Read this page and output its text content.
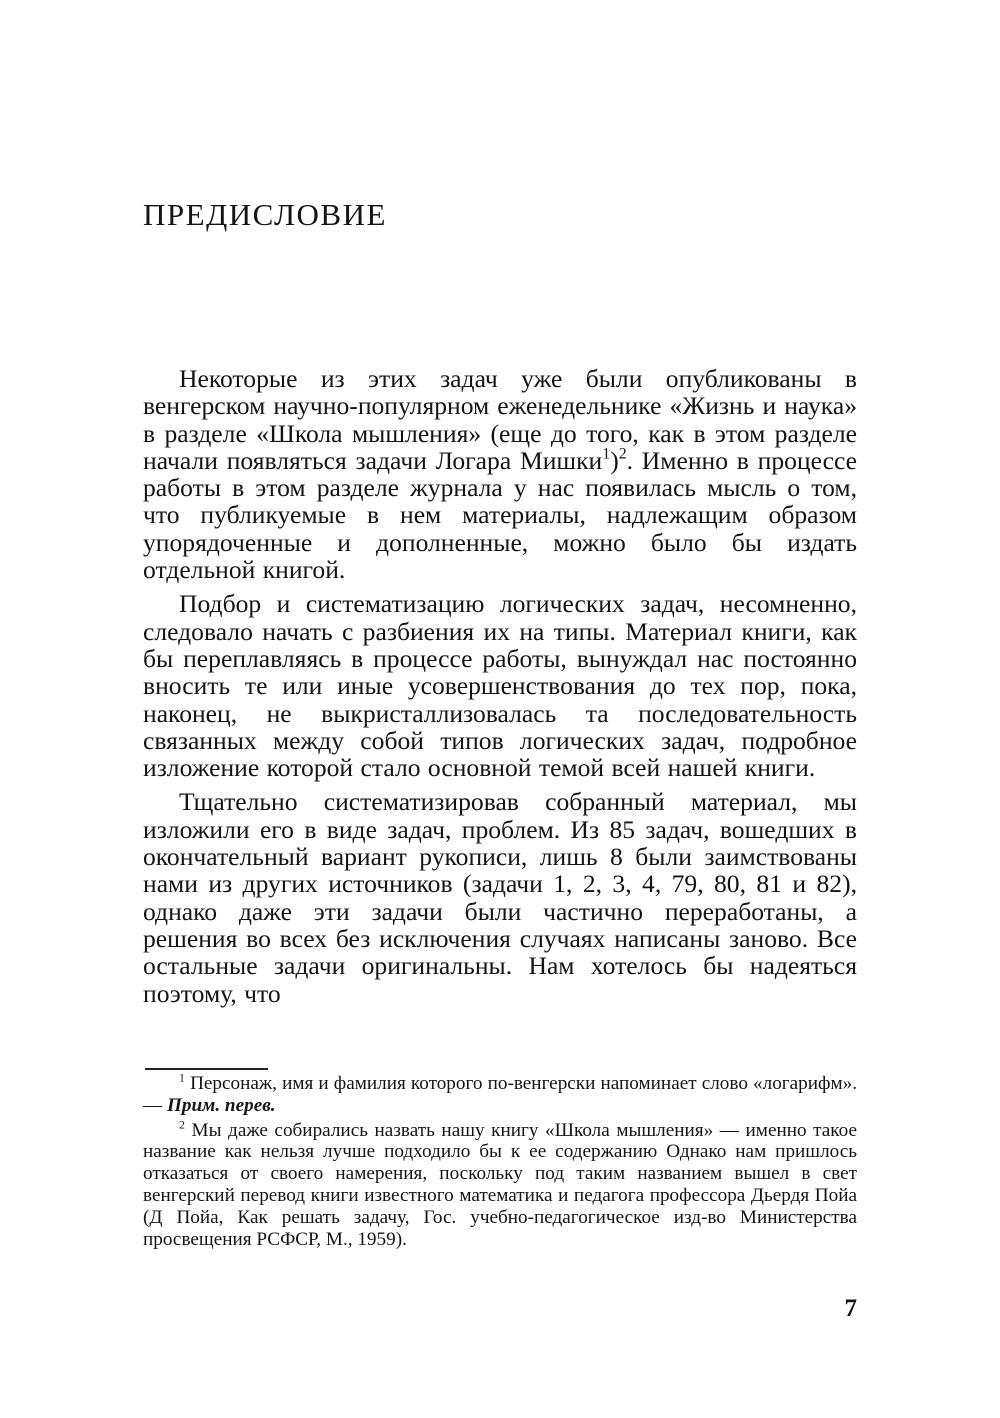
ПРЕДИСЛОВИЕ

Некоторые из этих задач уже были опубликованы в венгерском научно-популярном еженедельнике «Жизнь и наука» в разделе «Школа мышления» (еще до того, как в этом разделе начали появляться задачи Логара Мишки$^1$)$^2$. Именно в процессе работы в этом разделе журнала у нас появилась мысль о том, что публикуемые в нем материалы, надлежащим образом упорядоченные и дополненные, можно было бы издать отдельной книгой.

Подбор и систематизацию логических задач, несомненно, следовало начать с разбиения их на типы. Материал книги, как бы переплавляясь в процессе работы, вынуждал нас постоянно вносить те или иные усовершенствования до тех пор, пока, наконец, не выкристаллизовалась та последовательность связанных между собой типов логических задач, подробное изложение которой стало основной темой всей нашей книги.

Тщательно систематизировав собранный материал, мы изложили его в виде задач, проблем. Из 85 задач, вошедших в окончательный вариант рукописи, лишь 8 были заимствованы нами из других источников (задачи 1, 2, 3, 4, 79, 80, 81 и 82), однако даже эти задачи были частично переработаны, а решения во всех без исключения случаях написаны заново. Все остальные задачи оригинальны. Нам хотелось бы надеяться поэтому, что

$^1$ Персонаж, имя и фамилия которого по-венгерски напоминает слово «логарифм». — Прим. перев.

$^2$ Мы даже собирались назвать нашу книгу «Школа мышления» — именно такое название как нельзя лучше подходило бы к ее содержанию Однако нам пришлось отказаться от своего намерения, поскольку под таким названием вышел в свет венгерский перевод книги известного математика и педагога профессора Дьердя Пойа (Д Пойа, Как решать задачу, Гос. учебно-педагогическое изд-во Министерства просвещения РСФСР, М., 1959).

7
